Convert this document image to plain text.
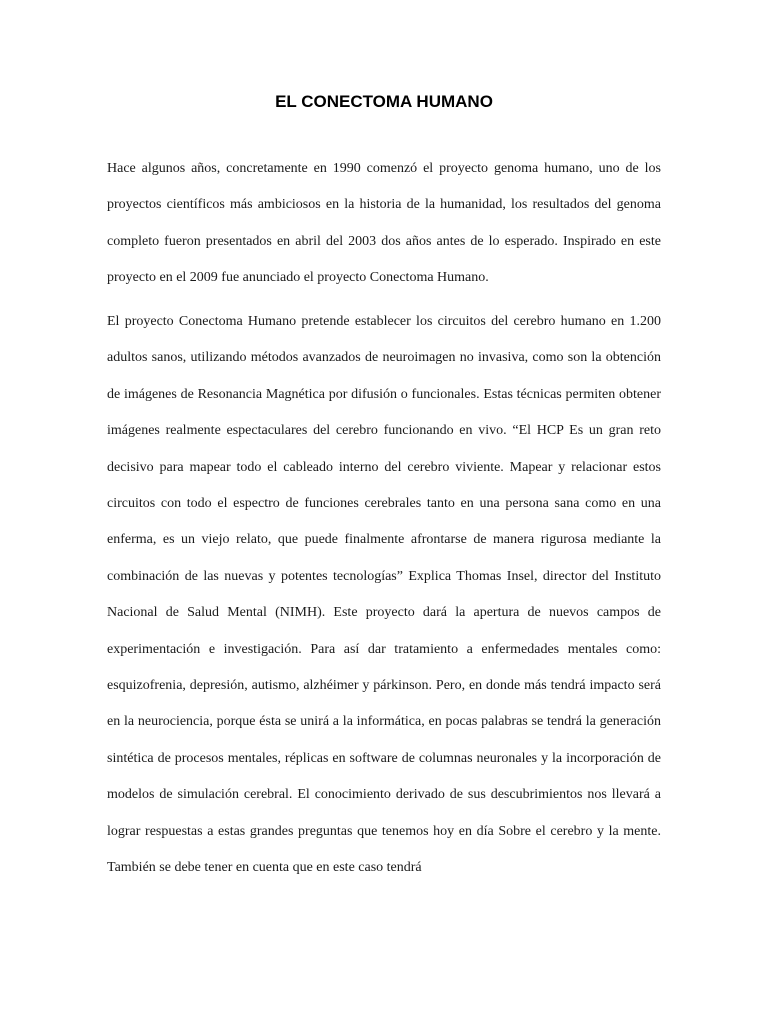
EL CONECTOMA HUMANO

Hace algunos años, concretamente en 1990 comenzó el proyecto genoma humano, uno de los proyectos científicos más ambiciosos en la historia de la humanidad, los resultados del genoma completo fueron presentados en abril del 2003 dos años antes de lo esperado. Inspirado en este proyecto en el 2009 fue anunciado el proyecto Conectoma Humano.

El proyecto Conectoma Humano pretende establecer los circuitos del cerebro humano en 1.200 adultos sanos, utilizando métodos avanzados de neuroimagen no invasiva, como son la obtención de imágenes de Resonancia Magnética por difusión o funcionales. Estas técnicas permiten obtener imágenes realmente espectaculares del cerebro funcionando en vivo. “El HCP Es un gran reto decisivo para mapear todo el cableado interno del cerebro viviente. Mapear y relacionar estos circuitos con todo el espectro de funciones cerebrales tanto en una persona sana como en una enferma, es un viejo relato, que puede finalmente afrontarse de manera rigurosa mediante la combinación de las nuevas y potentes tecnologías” Explica Thomas Insel, director del Instituto Nacional de Salud Mental (NIMH). Este proyecto dará la apertura de nuevos campos de experimentación e investigación. Para así dar tratamiento a enfermedades mentales como: esquizofrenia, depresión, autismo, alzhéimer y párkinson. Pero, en donde más tendrá impacto será en la neurociencia, porque ésta se unirá a la informática, en pocas palabras se tendrá la generación sintética de procesos mentales, réplicas en software de columnas neuronales y la incorporación de modelos de simulación cerebral. El conocimiento derivado de sus descubrimientos nos llevará a lograr respuestas a estas grandes preguntas que tenemos hoy en día Sobre el cerebro y la mente. También se debe tener en cuenta que en este caso tendrá
